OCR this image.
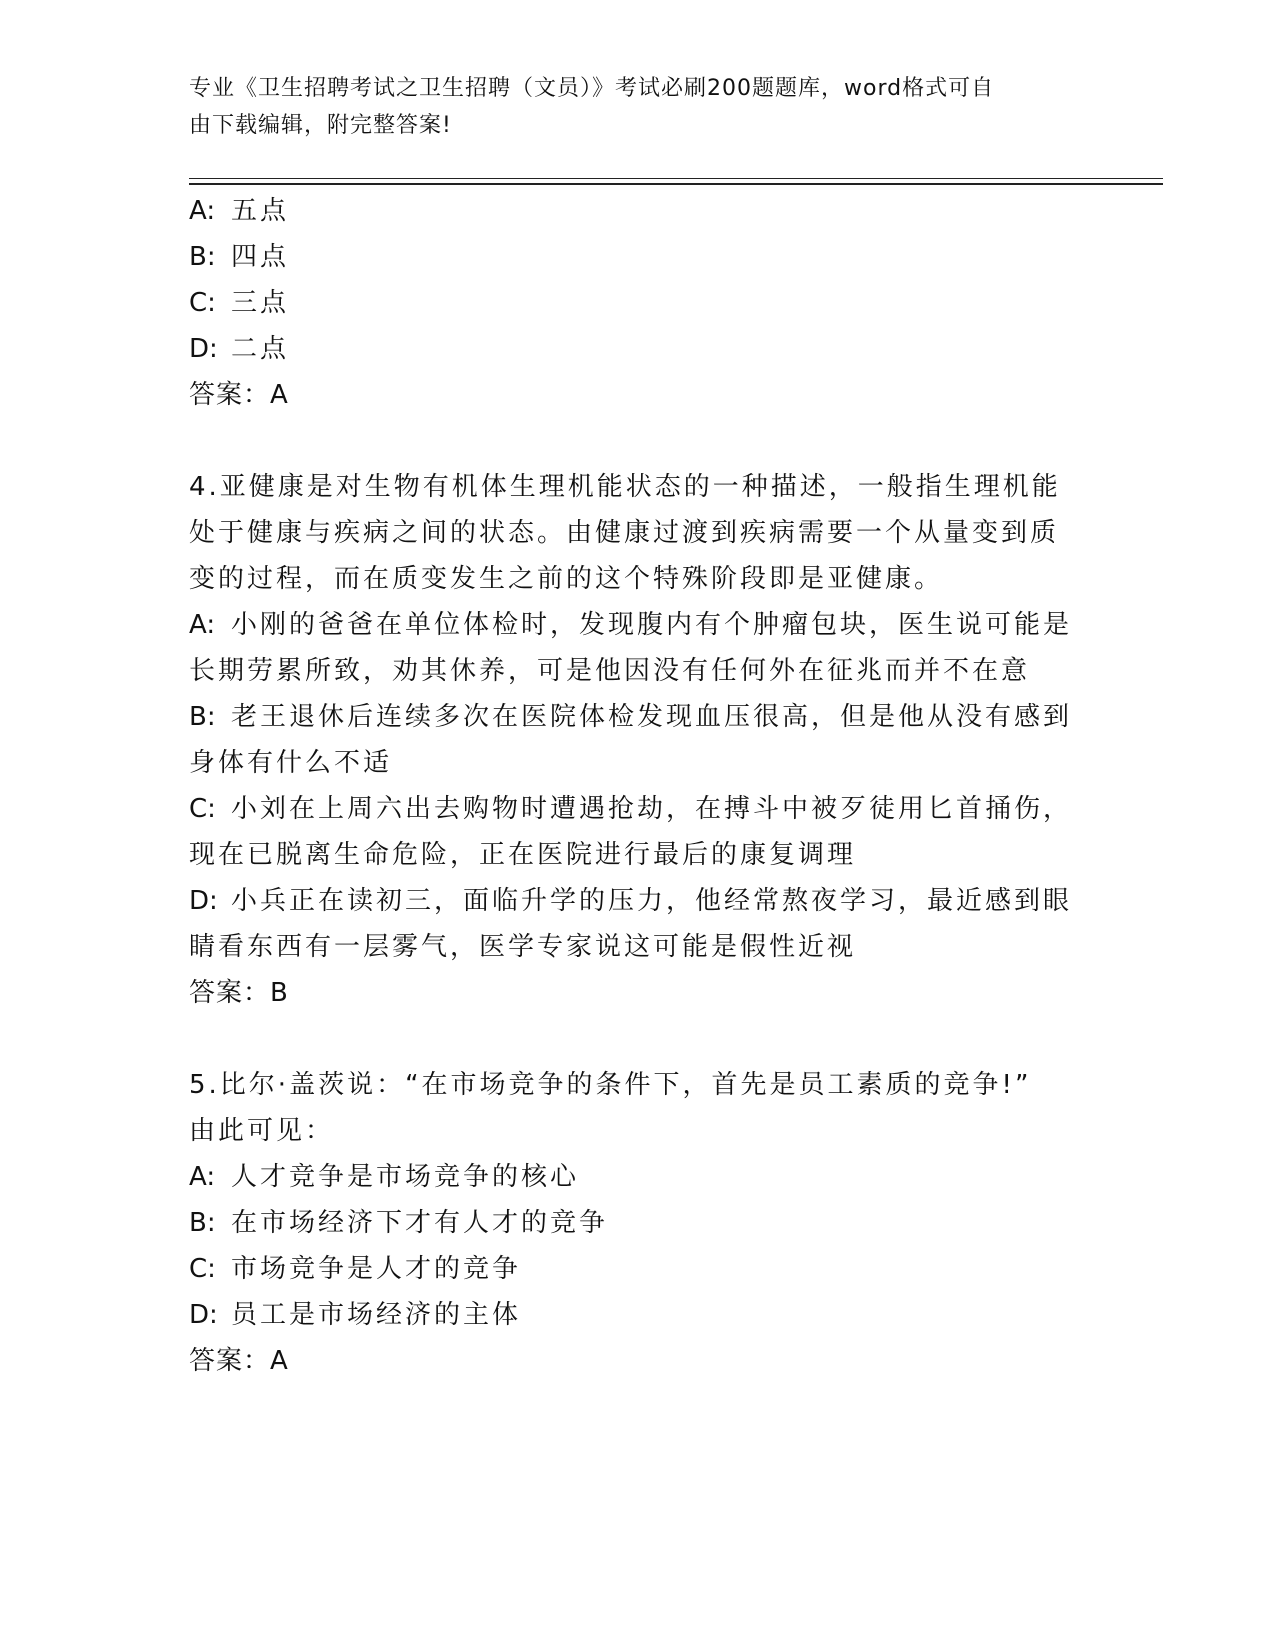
专业《卫生招聘考试之卫生招聘（文员）》考试必刷200题题库，word格式可自
由下载编辑，附完整答案!
A: 五点
B: 四点
C: 三点
D: 二点
答案：A
4.亚健康是对生物有机体生理机能状态的一种描述，一般指生理机能
处于健康与疾病之间的状态。由健康过渡到疾病需要一个从量变到质
变的过程，而在质变发生之前的这个特殊阶段即是亚健康。
A: 小刚的爸爸在单位体检时，发现腹内有个肿瘤包块，医生说可能是
长期劳累所致，劝其休养，可是他因没有任何外在征兆而并不在意
B: 老王退休后连续多次在医院体检发现血压很高，但是他从没有感到
身体有什么不适
C: 小刘在上周六出去购物时遭遇抢劫，在搏斗中被歹徒用匕首捅伤，
现在已脱离生命危险，正在医院进行最后的康复调理
D: 小兵正在读初三，面临升学的压力，他经常熬夜学习，最近感到眼
睛看东西有一层雾气，医学专家说这可能是假性近视
答案：B
5.比尔·盖茨说：“在市场竞争的条件下，首先是员工素质的竞争!”
由此可见：
A: 人才竞争是市场竞争的核心
B: 在市场经济下才有人才的竞争
C: 市场竞争是人才的竞争
D: 员工是市场经济的主体
答案：A
